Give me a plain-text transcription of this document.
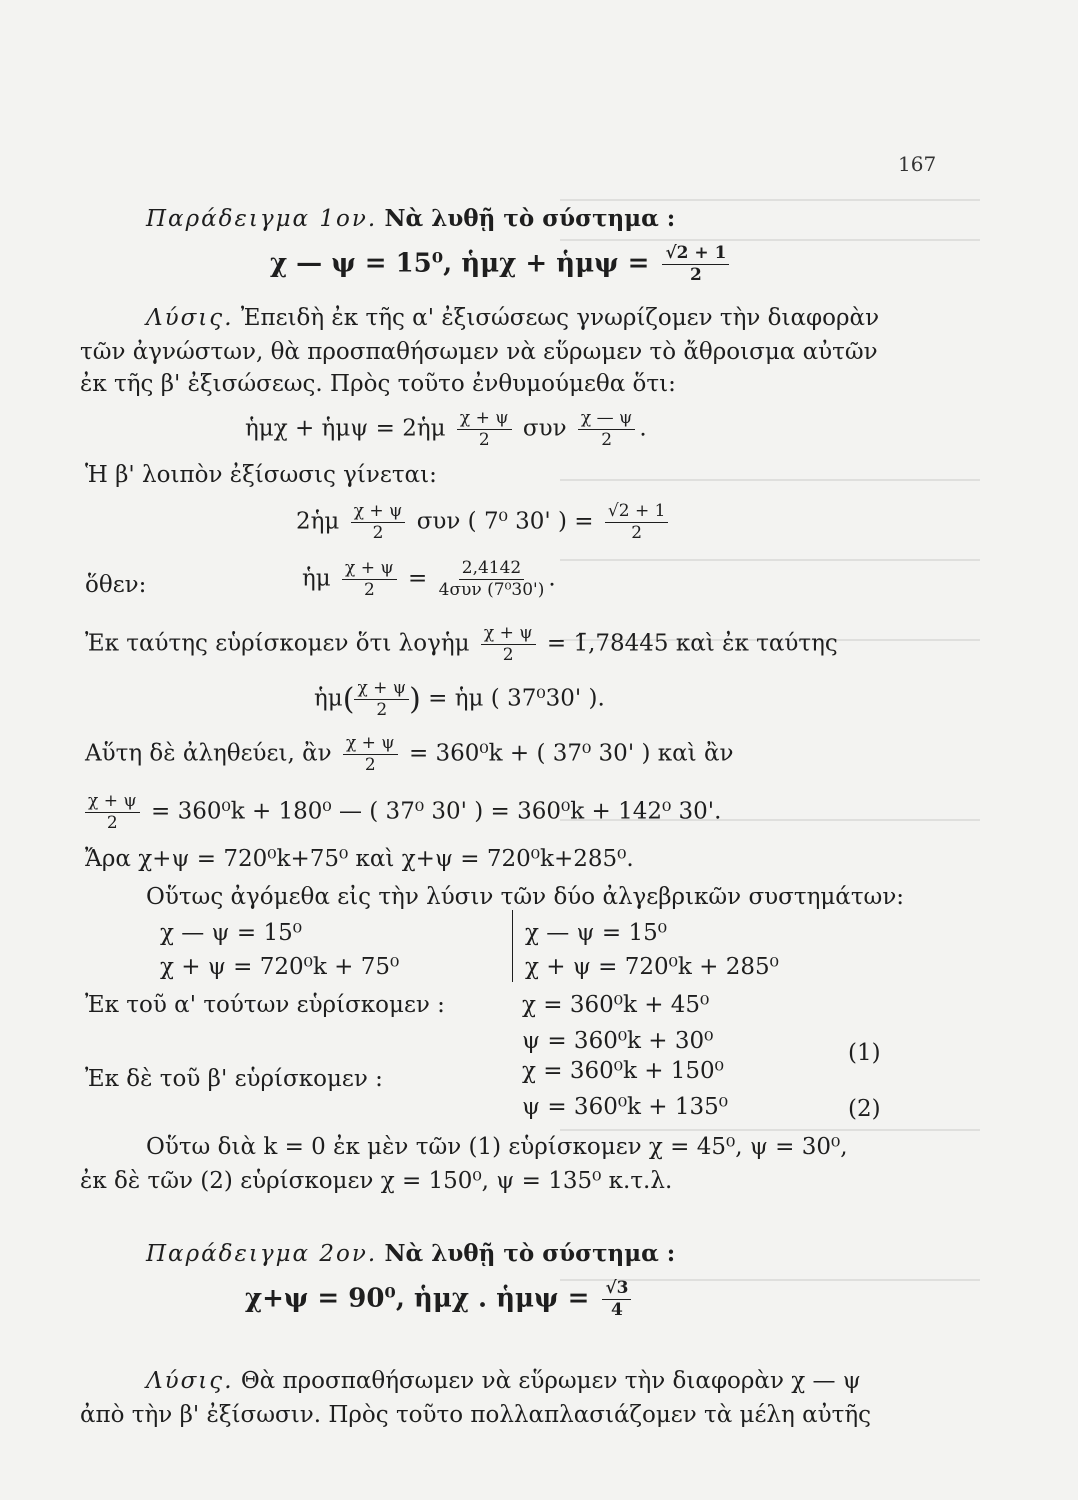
167
Παράδειγμα 1ον. Νὰ λυθῇ τὸ σύστημα :
χ — ψ = 15⁰, ἡμχ + ἡμψ = $\frac{√2 + 1}{2}$
Λύσις. Ἐπειδὴ ἐκ τῆς α' ἐξισώσεως γνωρίζομεν τὴν διαφορὰν
τῶν ἀγνώστων, θὰ προσπαθήσωμεν νὰ εὕρωμεν τὸ ἄθροισμα αὐτῶν
ἐκ τῆς β' ἐξισώσεως. Πρὸς τοῦτο ἐνθυμούμεθα ὅτι:
ἡμχ + ἡμψ = 2ἡμ $\frac{\chi + \psi}{2}$ συν $\frac{\chi — \psi}{2}$ .
Ἡ β' λοιπὸν ἐξίσωσις γίνεται:
2ἡμ $\frac{\chi + \psi}{2}$ συν ( 7⁰ 30' ) = $\frac{√2 + 1}{2}$
ὅθεν:	ἡμ $\frac{\chi + \psi}{2} = \frac{2,4142}{\text{4συν (7⁰30')}}$ .
Ἐκ ταύτης εὑρίσκομεν ὅτι λογἡμ $\frac{\chi + \psi}{2}$ = 1̄,78445 καὶ ἐκ ταύτης
ἡμ( $\frac{\chi + \psi}{2}$ ) = ἡμ ( 37⁰30' ).
Αὕτη δὲ ἀληθεύει, ἂν $\frac{\chi + \psi}{2} = 360^0k$ + ( 37⁰ 30' ) καὶ ἂν
$\frac{\chi + \psi}{2} = 360^0k + 180^0$ — ( 37⁰ 30' ) = 360⁰k + 142⁰ 30'.
Ἄρα χ+ψ = 720⁰k+75⁰ καὶ χ+ψ = 720⁰k+285⁰.
Οὕτως ἀγόμεθα εἰς τὴν λύσιν τῶν δύο ἀλγεβρικῶν συστημάτων:
χ — ψ = 15⁰
χ + ψ = 720⁰k + 75⁰
χ — ψ = 15⁰
χ + ψ = 720⁰k + 285⁰
Ἐκ τοῦ α' τούτων εὑρίσκομεν :	χ = 360⁰k + 45⁰
ψ = 360⁰k + 30⁰	(1)
Ἐκ δὲ τοῦ β' εὑρίσκομεν :	χ = 360⁰k + 150⁰
ψ = 360⁰k + 135⁰	(2)
Οὕτω διὰ k = 0 ἐκ μὲν τῶν (1) εὑρίσκομεν χ = 45⁰, ψ = 30⁰,
ἐκ δὲ τῶν (2) εὑρίσκομεν χ = 150⁰, ψ = 135⁰ κ.τ.λ.
Παράδειγμα 2ον. Νὰ λυθῇ τὸ σύστημα :
χ+ψ = 90⁰, ἡμχ . ἡμψ = $\frac{√3}{4}$
Λύσις. Θὰ προσπαθήσωμεν νὰ εὕρωμεν τὴν διαφορὰν χ — ψ
ἀπὸ τὴν β' ἐξίσωσιν. Πρὸς τοῦτο πολλαπλασιάζομεν τὰ μέλη αὐτῆς
